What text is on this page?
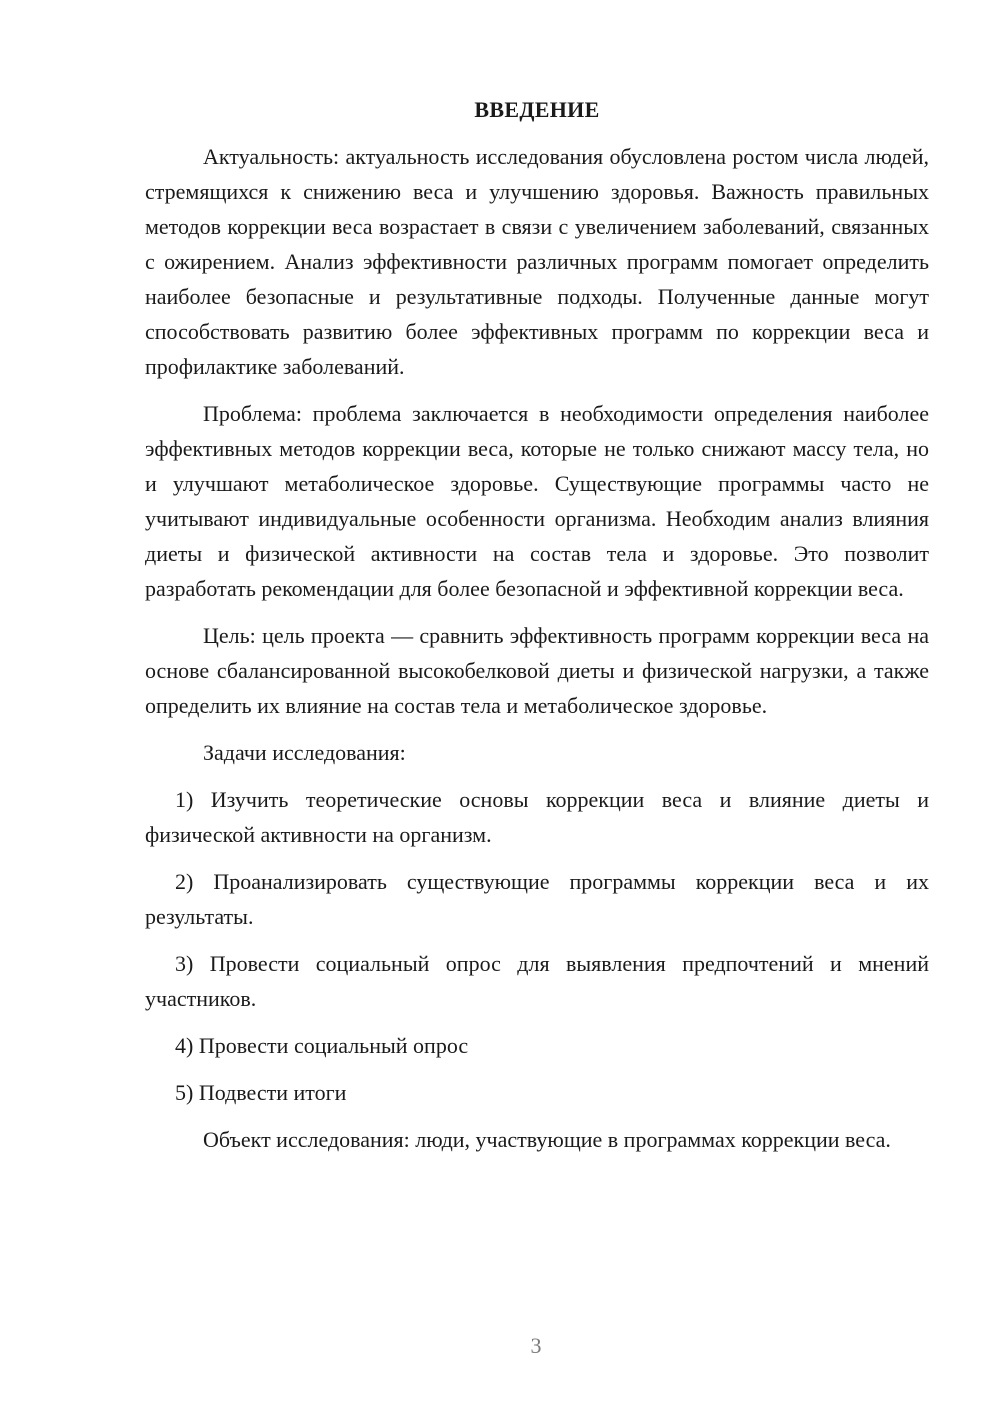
ВВЕДЕНИЕ

Актуальность: актуальность исследования обусловлена ростом числа людей, стремящихся к снижению веса и улучшению здоровья. Важность правильных методов коррекции веса возрастает в связи с увеличением заболеваний, связанных с ожирением. Анализ эффективности различных программ помогает определить наиболее безопасные и результативные подходы. Полученные данные могут способствовать развитию более эффективных программ по коррекции веса и профилактике заболеваний.

Проблема: проблема заключается в необходимости определения наиболее эффективных методов коррекции веса, которые не только снижают массу тела, но и улучшают метаболическое здоровье. Существующие программы часто не учитывают индивидуальные особенности организма. Необходим анализ влияния диеты и физической активности на состав тела и здоровье. Это позволит разработать рекомендации для более безопасной и эффективной коррекции веса.

Цель: цель проекта — сравнить эффективность программ коррекции веса на основе сбалансированной высокобелковой диеты и физической нагрузки, а также определить их влияние на состав тела и метаболическое здоровье.

Задачи исследования:

1) Изучить теоретические основы коррекции веса и влияние диеты и физической активности на организм.

2) Проанализировать существующие программы коррекции веса и их результаты.

3) Провести социальный опрос для выявления предпочтений и мнений участников.

4) Провести социальный опрос

5) Подвести итоги

Объект исследования: люди, участвующие в программах коррекции веса.

3
